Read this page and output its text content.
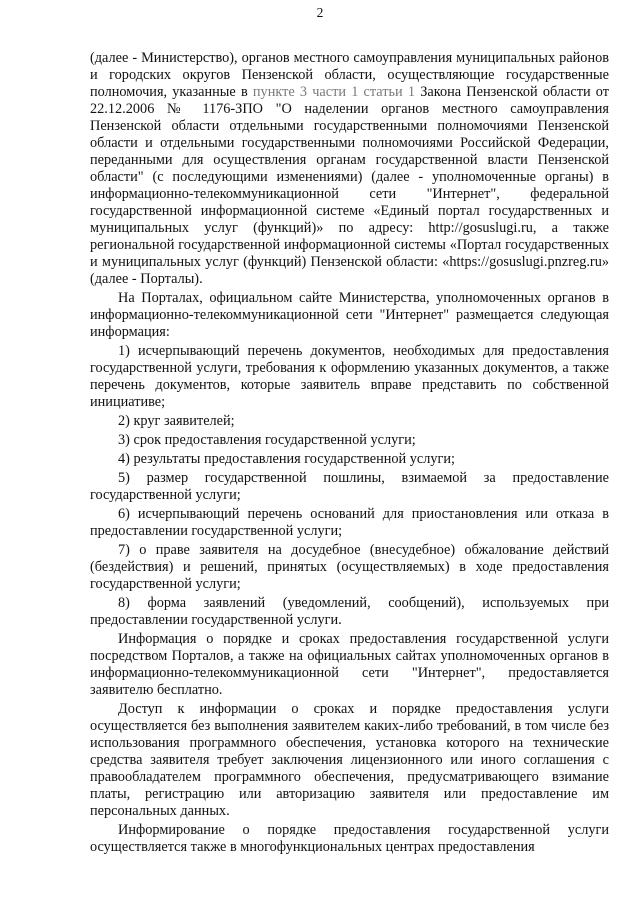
2

(далее - Министерство), органов местного самоуправления муниципальных районов и городских округов Пензенской области, осуществляющие государственные полномочия, указанные в пункте 3 части 1 статьи 1 Закона Пензенской области от 22.12.2006 № 1176-ЗПО "О наделении органов местного самоуправления Пензенской области отдельными государственными полномочиями Пензенской области и отдельными государственными полномочиями Российской Федерации, переданными для осуществления органам государственной власти Пензенской области" (с последующими изменениями) (далее - уполномоченные органы) в информационно-телекоммуникационной сети "Интернет", федеральной государственной информационной системе «Единый портал государственных и муниципальных услуг (функций)» по адресу: http://gosuslugi.ru, а также региональной государственной информационной системы «Портал государственных и муниципальных услуг (функций) Пензенской области: «https://gosuslugi.pnzreg.ru» (далее - Порталы).

На Порталах, официальном сайте Министерства, уполномоченных органов в информационно-телекоммуникационной сети "Интернет" размещается следующая информация:

1) исчерпывающий перечень документов, необходимых для предоставления государственной услуги, требования к оформлению указанных документов, а также перечень документов, которые заявитель вправе представить по собственной инициативе;

2) круг заявителей;

3) срок предоставления государственной услуги;

4) результаты предоставления государственной услуги;

5) размер государственной пошлины, взимаемой за предоставление государственной услуги;

6) исчерпывающий перечень оснований для приостановления или отказа в предоставлении государственной услуги;

7) о праве заявителя на досудебное (внесудебное) обжалование действий (бездействия) и решений, принятых (осуществляемых) в ходе предоставления государственной услуги;

8) форма заявлений (уведомлений, сообщений), используемых при предоставлении государственной услуги.

Информация о порядке и сроках предоставления государственной услуги посредством Порталов, а также на официальных сайтах уполномоченных органов в информационно-телекоммуникационной сети "Интернет", предоставляется заявителю бесплатно.

Доступ к информации о сроках и порядке предоставления услуги осуществляется без выполнения заявителем каких-либо требований, в том числе без использования программного обеспечения, установка которого на технические средства заявителя требует заключения лицензионного или иного соглашения с правообладателем программного обеспечения, предусматривающего взимание платы, регистрацию или авторизацию заявителя или предоставление им персональных данных.

Информирование о порядке предоставления государственной услуги осуществляется также в многофункциональных центрах предоставления
